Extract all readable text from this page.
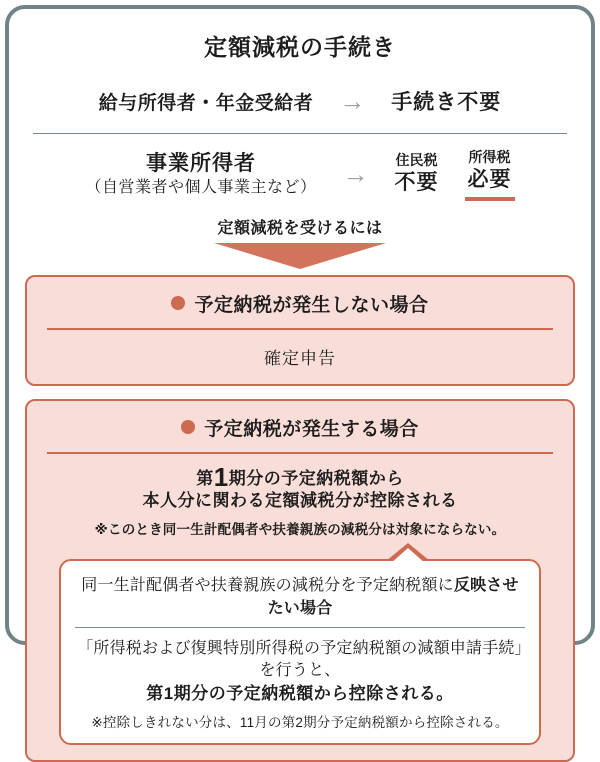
定額減税の手続き
給与所得者・年金受給者 → 手続き不要
事業所得者
（自営業者や個人事業主など） → 住民税
不要
所得税
必要
定額減税を受けるには
予定納税が発生しない場合
確定申告
予定納税が発生する場合
第1期分の予定納税額から
本人分に関わる定額減税分が控除される
※このとき同一生計配偶者や扶養親族の減税分は対象にならない。
同一生計配偶者や扶養親族の減税分を予定納税額に反映させたい場合
「所得税および復興特別所得税の予定納税額の減額申請手続」を行うと、
第1期分の予定納税額から控除される。
※控除しきれない分は、11月の第2期分予定納税額から控除される。
